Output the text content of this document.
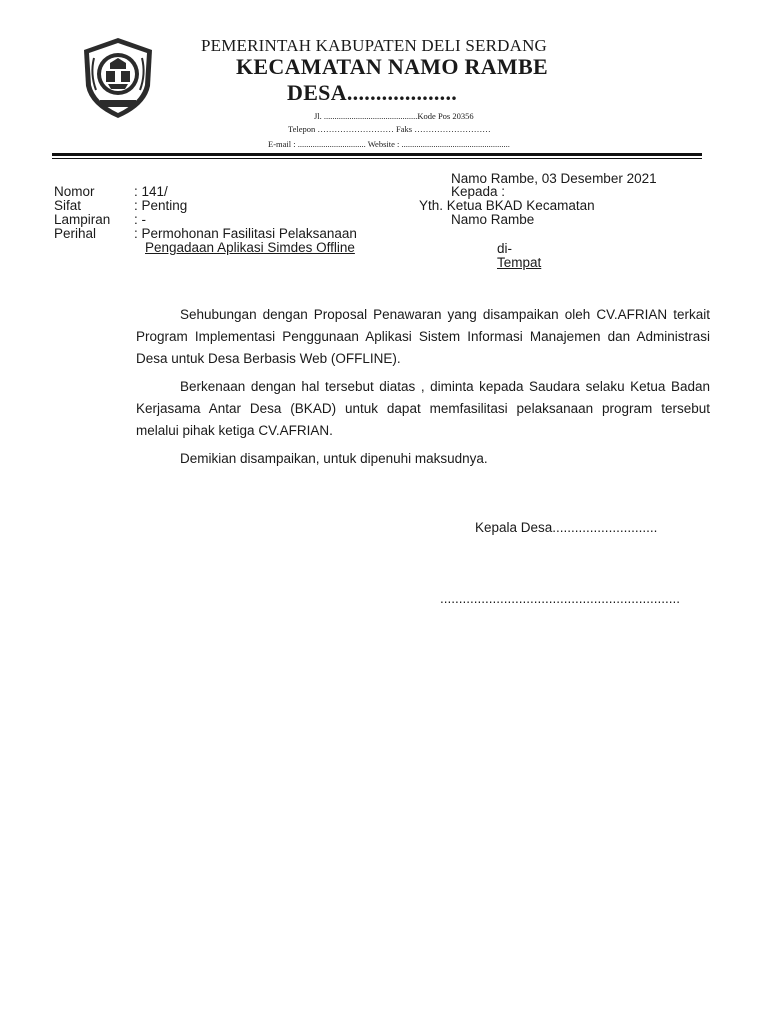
PEMERINTAH KABUPATEN DELI SERDANG
KECAMATAN NAMO RAMBE
DESA...................
Jl. ............................................Kode Pos 20356
Telepon ……………………… Faks ………………………
E-mail : ................................ Website : ...................................................
Nomor	: 141/
Sifat	: Penting
Lampiran : -
Perihal	: Permohonan Fasilitasi Pelaksanaan
Pengadaan Aplikasi Simdes Offline
Namo Rambe, 03 Desember 2021
Kepada :
Yth. Ketua BKAD Kecamatan
Namo Rambe
di-
Tempat
Sehubungan dengan Proposal Penawaran yang disampaikan oleh CV.AFRIAN terkait Program Implementasi Penggunaan Aplikasi Sistem Informasi Manajemen dan Administrasi Desa untuk Desa Berbasis Web (OFFLINE).
Berkenaan dengan hal tersebut diatas , diminta kepada Saudara selaku Ketua Badan Kerjasama Antar Desa (BKAD) untuk dapat memfasilitasi pelaksanaan program tersebut melalui pihak ketiga CV.AFRIAN.
Demikian disampaikan, untuk dipenuhi maksudnya.
Kepala Desa............................
................................................................
